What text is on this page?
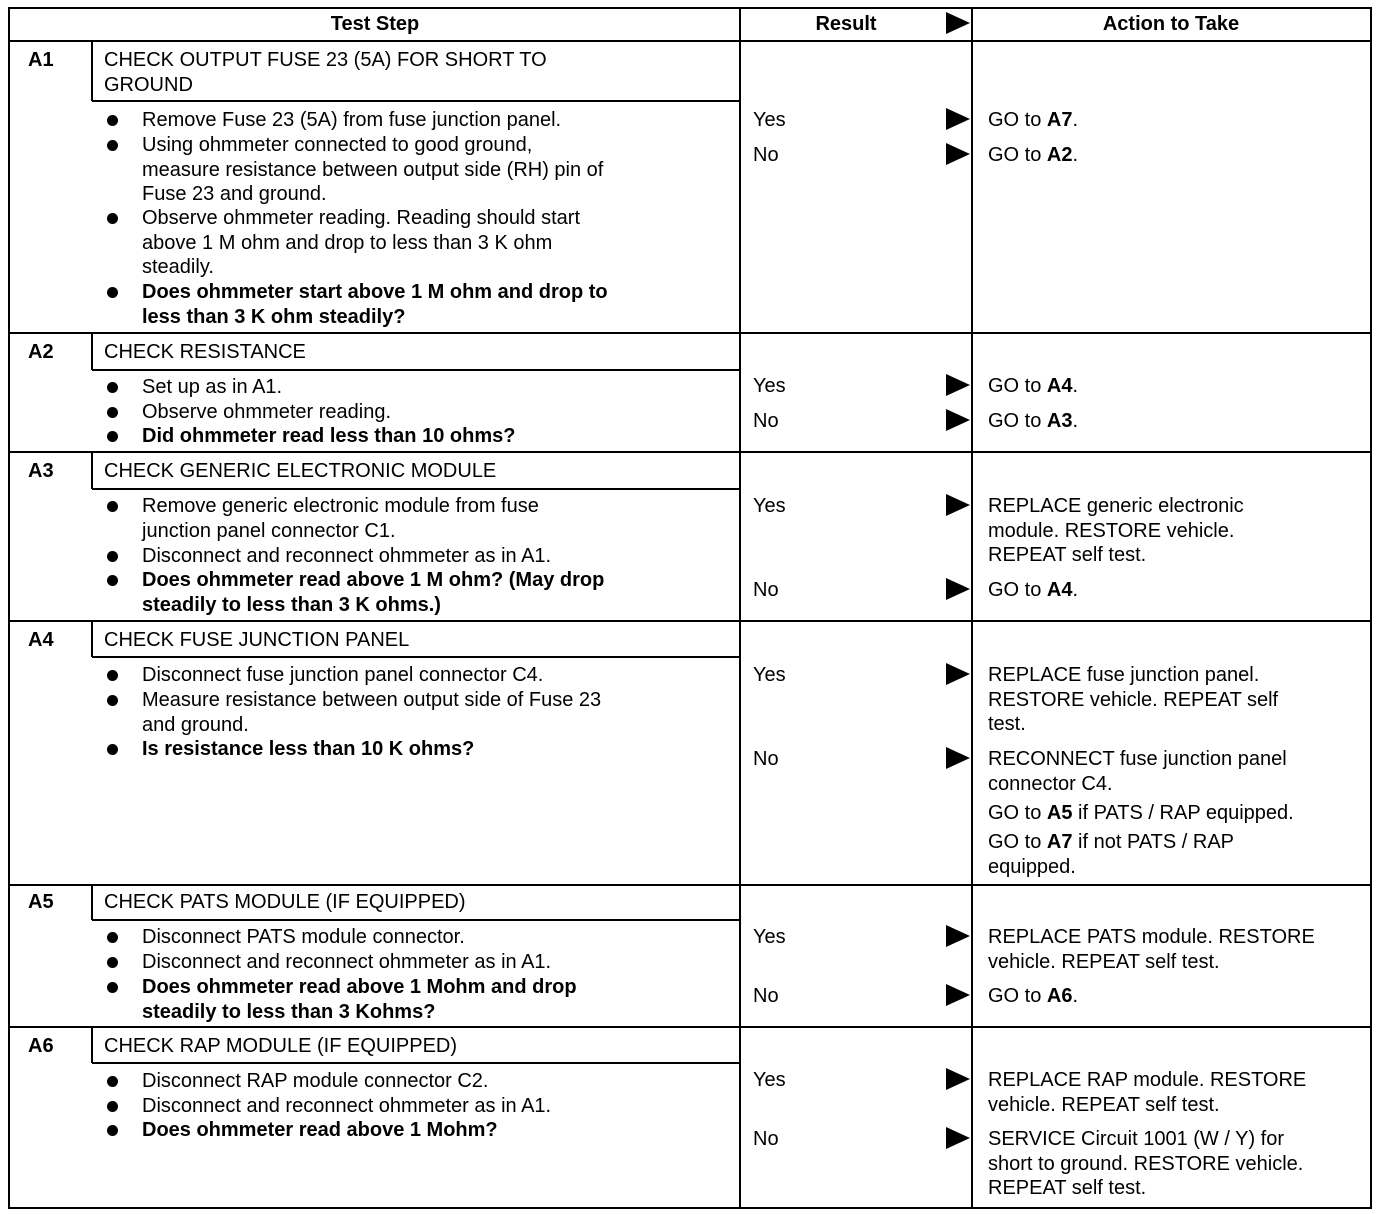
Test Step	Result	Action to Take
A1	CHECK OUTPUT FUSE 23 (5A) FOR SHORT TO
GROUND
Remove Fuse 23 (5A) from fuse junction panel.
Using ohmmeter connected to good ground,
measure resistance between output side (RH) pin of
Fuse 23 and ground.
Observe ohmmeter reading. Reading should start
above 1 M ohm and drop to less than 3 K ohm
steadily.
Does ohmmeter start above 1 M ohm and drop to
less than 3 K ohm steadily?
Yes	GO to A7.
No	GO to A2.
A2	CHECK RESISTANCE
Set up as in A1.
Observe ohmmeter reading.
Did ohmmeter read less than 10 ohms?
Yes	GO to A4.
No	GO to A3.
A3	CHECK GENERIC ELECTRONIC MODULE
Remove generic electronic module from fuse
junction panel connector C1.
Disconnect and reconnect ohmmeter as in A1.
Does ohmmeter read above 1 M ohm? (May drop
steadily to less than 3 K ohms.)
Yes	REPLACE generic electronic
module. RESTORE vehicle.
REPEAT self test.
No	GO to A4.
A4	CHECK FUSE JUNCTION PANEL
Disconnect fuse junction panel connector C4.
Measure resistance between output side of Fuse 23
and ground.
Is resistance less than 10 K ohms?
Yes	REPLACE fuse junction panel.
RESTORE vehicle. REPEAT self
test.
No	RECONNECT fuse junction panel
connector C4.
GO to A5 if PATS / RAP equipped.
GO to A7 if not PATS / RAP
equipped.
A5	CHECK PATS MODULE (IF EQUIPPED)
Disconnect PATS module connector.
Disconnect and reconnect ohmmeter as in A1.
Does ohmmeter read above 1 Mohm and drop
steadily to less than 3 Kohms?
Yes	REPLACE PATS module. RESTORE
vehicle. REPEAT self test.
No	GO to A6.
A6	CHECK RAP MODULE (IF EQUIPPED)
Disconnect RAP module connector C2.
Disconnect and reconnect ohmmeter as in A1.
Does ohmmeter read above 1 Mohm?
Yes	REPLACE RAP module. RESTORE
vehicle. REPEAT self test.
No	SERVICE Circuit 1001 (W / Y) for
short to ground. RESTORE vehicle.
REPEAT self test.
